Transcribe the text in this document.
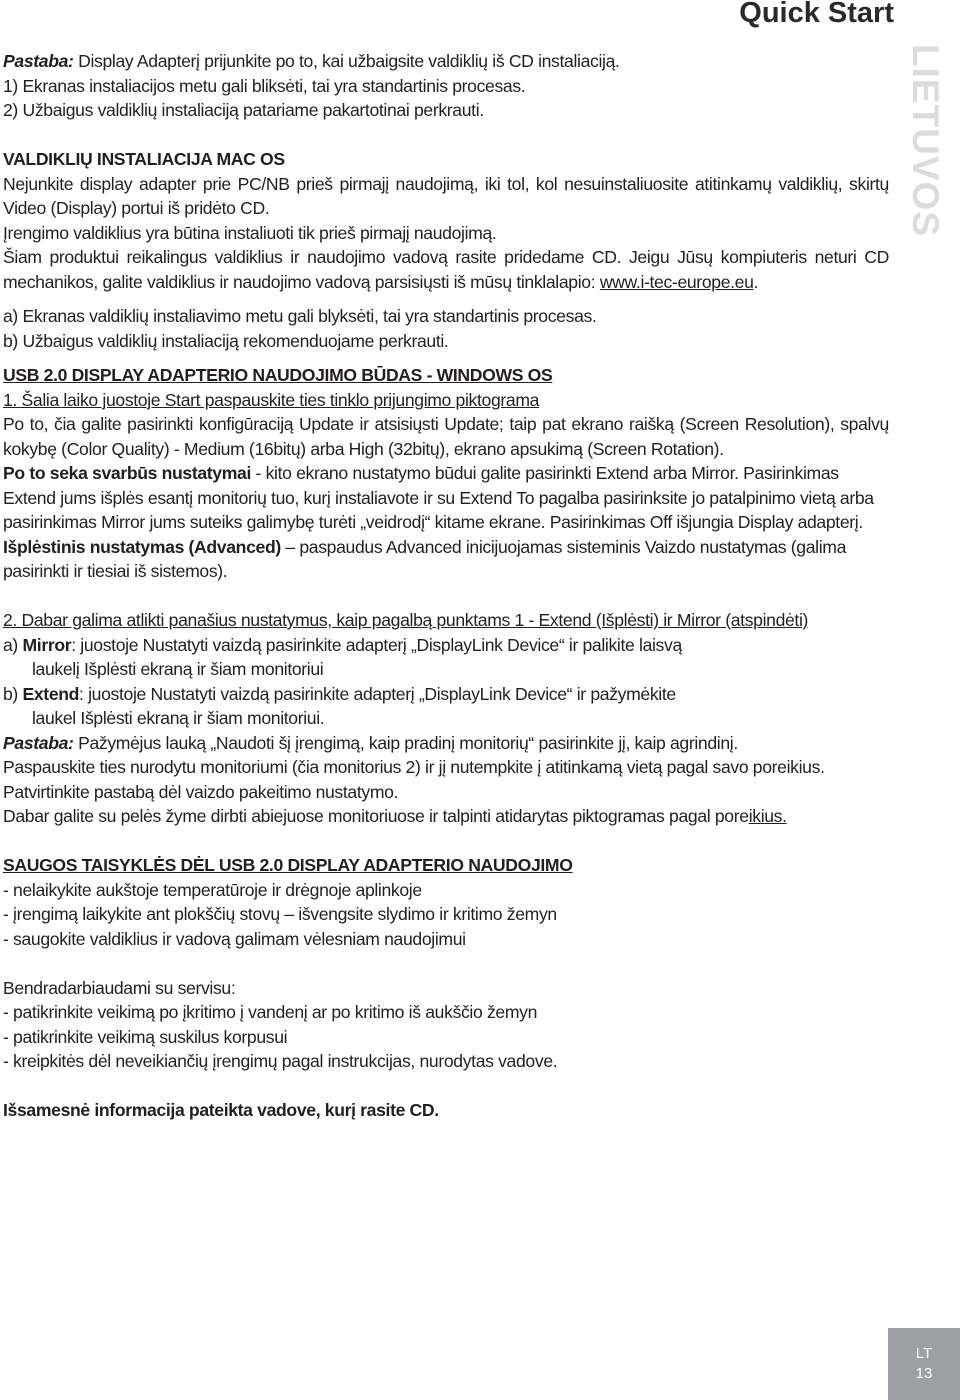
Quick Start
LIETUVOS

Pastaba: Display Adapterį prijunkite po to, kai užbaigsite valdiklių iš CD instaliaciją.

1) Ekranas instaliacijos metu gali bliksėti, tai yra standartinis procesas.

2) Užbaigus valdiklių instaliaciją patariame pakartotinai perkrauti.

VALDIKLIŲ INSTALIACIJA MAC OS

Nejunkite display adapter prie PC/NB prieš pirmajį naudojimą, iki tol, kol nesuinstaliuosite atitinkamų valdiklių, skirtų Video (Display) portui iš pridėto CD.

Įrengimo valdiklius yra būtina instaliuoti tik prieš pirmajį naudojimą.

Šiam produktui reikalingus valdiklius ir naudojimo vadovą rasite pridedame CD. Jeigu Jūsų kompiuteris neturi CD mechanikos, galite valdiklius ir naudojimo vadovą parsisiųsti iš mūsų tinklalapio: www.i-tec-europe.eu.

a) Ekranas valdiklių instaliavimo metu gali blyksėti, tai yra standartinis procesas.

b) Užbaigus valdiklių instaliaciją rekomenduojame perkrauti.

USB 2.0 DISPLAY ADAPTERIO NAUDOJIMO BŪDAS - WINDOWS OS

1. Šalia laiko juostoje Start paspauskite ties tinklo prijungimo piktograma

Po to, čia galite pasirinkti konfigūraciją Update ir atsisiųsti Update; taip pat ekrano raišką (Screen Resolution), spalvų kokybę (Color Quality) - Medium (16bitų) arba High (32bitų), ekrano apsukimą (Screen Rotation).

Po to seka svarbūs nustatymai - kito ekrano nustatymo būdui galite pasirinkti Extend arba Mirror. Pasirinkimas Extend jums išplės esantį monitorių tuo, kurį instaliavote ir su Extend To pagalba pasirinksite jo patalpinimo vietą arba pasirinkimas Mirror jums suteiks galimybę turėti „veidrodį“ kitame ekrane. Pasirinkimas Off išjungia Display adapterį.

Išplėstinis nustatymas (Advanced) – paspaudus Advanced inicijuojamas sisteminis Vaizdo nustatymas (galima pasirinkti ir tiesiai iš sistemos).

2. Dabar galima atlikti panašius nustatymus, kaip pagalbą punktams 1 - Extend (Išplėsti) ir Mirror (atspindėti)

a) Mirror: juostoje Nustatyti vaizdą pasirinkite adapterį „DisplayLink Device“ ir palikite laisvą

laukelį Išplėsti ekraną ir šiam monitoriui

b) Extend: juostoje Nustatyti vaizdą pasirinkite adapterį „DisplayLink Device“ ir pažymėkite

laukel Išplėsti ekraną ir šiam monitoriui.

Pastaba: Pažymėjus lauką „Naudoti šį įrengimą, kaip pradinį monitorių“ pasirinkite jį, kaip agrindinį.

Paspauskite ties nurodytu monitoriumi (čia monitorius 2) ir jį nutempkite į atitinkamą vietą pagal savo poreikius.

Patvirtinkite pastabą dėl vaizdo pakeitimo nustatymo.

Dabar galite su pelės žyme dirbti abiejuose monitoriuose ir talpinti atidarytas piktogramas pagal poreikius.

SAUGOS TAISYKLĖS DĖL USB 2.0 DISPLAY ADAPTERIO NAUDOJIMO

- nelaikykite aukštoje temperatūroje ir drėgnoje aplinkoje

- įrengimą laikykite ant plokščių stovų – išvengsite slydimo ir kritimo žemyn

- saugokite valdiklius ir vadovą galimam vėlesniam naudojimui

Bendradarbiaudami su servisu:

- patikrinkite veikimą po įkritimo į vandenį ar po kritimo iš aukščio žemyn

- patikrinkite veikimą suskilus korpusui

- kreipkitės dėl neveikiančių įrengimų pagal instrukcijas, nurodytas vadove.

Išsamesnė informacija pateikta vadove, kurį rasite CD.

LT
13
